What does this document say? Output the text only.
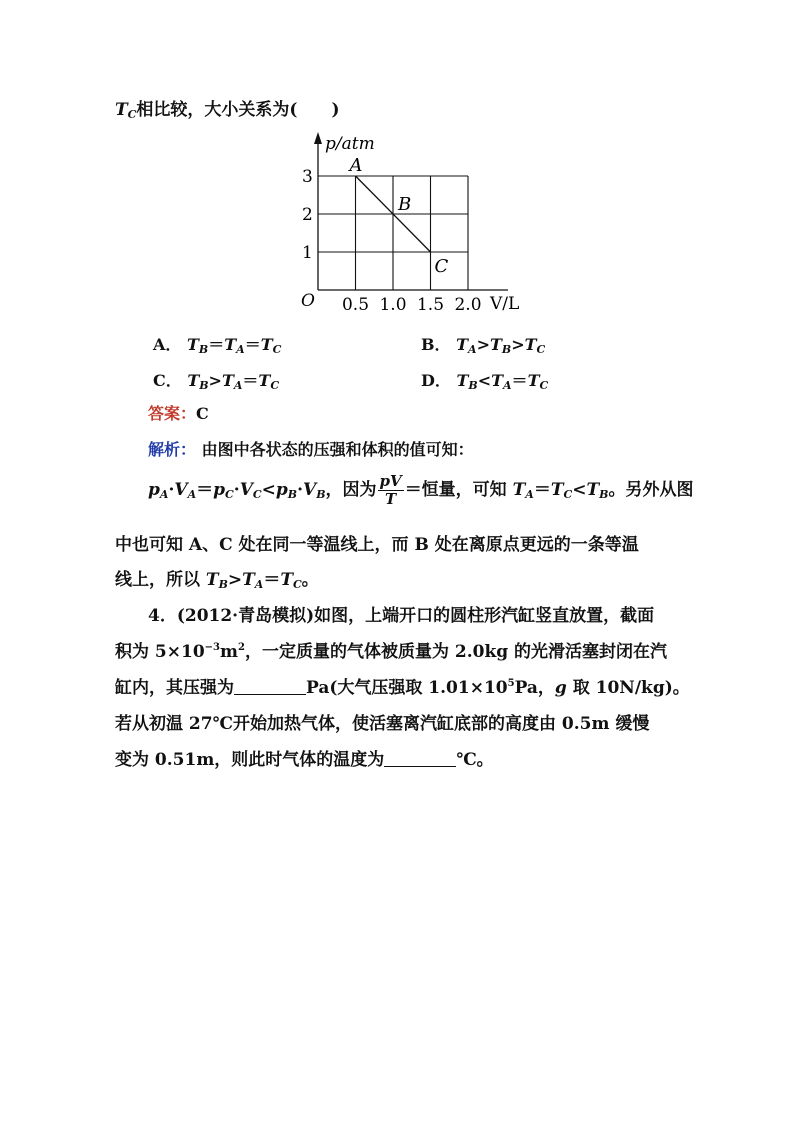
$T_C$相比较，大小关系为(　　)
p/atm
V/L
O
1
2
3
0.5 1.0 1.5 2.0
A
B
C
A． $T_B=T_A=T_C$	B． $T_A>T_B>T_C$
C． $T_B>T_A=T_C$	D． $T_B<T_A=T_C$
答案：C
解析： 由图中各状态的压强和体积的值可知：
$p_A\cdot V_A=p_C\cdot V_C<p_B\cdot V_B$，因为 $\frac{pV}{T}$ ＝恒量，可知 $T_A=T_C<T_B$。另外从图
中也可知 A、C 处在同一等温线上，而 B 处在离原点更远的一条等温
线上，所以 $T_B>T_A=T_C$。
4．(2012·青岛模拟)如图，上端开口的圆柱形汽缸竖直放置，截面
积为 $5\times 10^{-3}m^2$，一定质量的气体被质量为 2.0kg 的光滑活塞封闭在汽
缸内，其压强为	Pa(大气压强取 $1.01\times 10^5Pa$，g 取 10N/kg)。
若从初温 27℃开始加热气体，使活塞离汽缸底部的高度由 0.5m 缓慢
变为 0.51m，则此时气体的温度为	℃。
